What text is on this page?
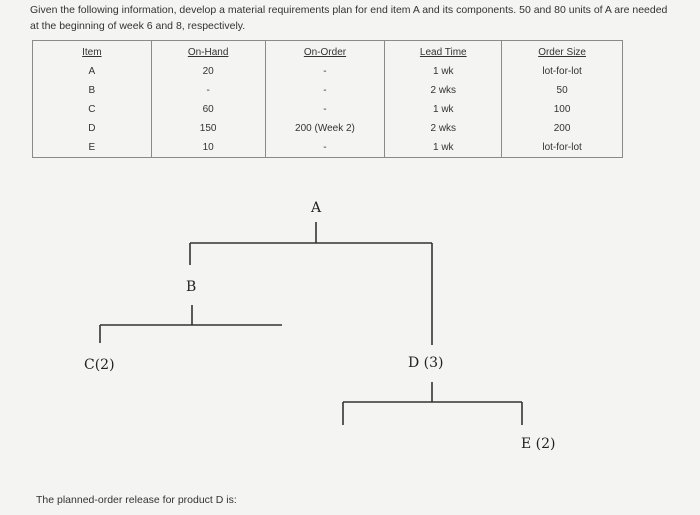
Given the following information, develop a material requirements plan for end item A and its components. 50 and 80 units of A are needed at the beginning of week 6 and 8, respectively.
Item	On-Hand	On-Order	Lead Time	Order Size
A	20	-	1 wk	lot-for-lot
B	-	-	2 wks	50
C	60	-	1 wk	100
D	150	200 (Week 2)	2 wks	200
E	10	-	1 wk	lot-for-lot
A
B
C(2)	D (3)
E (2)
The planned-order release for product D is:
